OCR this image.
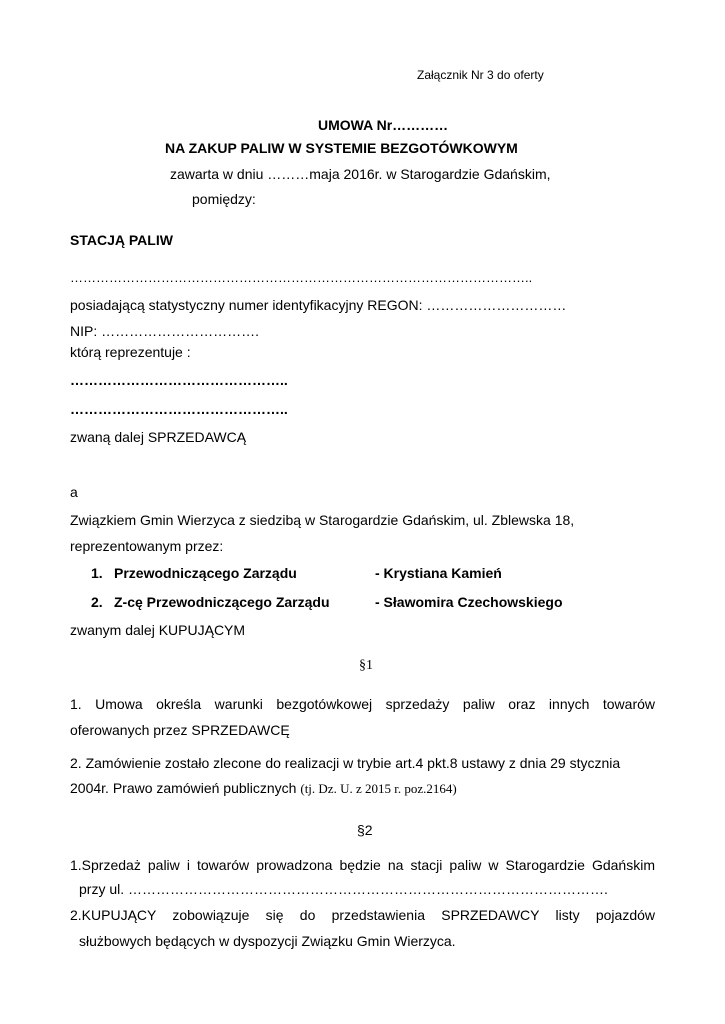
Załącznik Nr 3 do oferty
UMOWA Nr…………
NA ZAKUP PALIW W SYSTEMIE BEZGOTÓWKOWYM
zawarta w dniu ………maja 2016r. w Starogardzie Gdańskim,
pomiędzy:
STACJĄ PALIW
……………………………………………………………………………………………..
posiadającą statystyczny numer identyfikacyjny REGON: …………………………
NIP: …………………………….
którą reprezentuje :
………………………………………..
………………………………………..
zwaną dalej SPRZEDAWCĄ
a
Związkiem Gmin Wierzyca z siedzibą w Starogardzie Gdańskim, ul. Zblewska 18,
reprezentowanym przez:
1. Przewodniczącego Zarządu	- Krystiana Kamień
2. Z-cę Przewodniczącego Zarządu	- Sławomira Czechowskiego
zwanym dalej KUPUJĄCYM
§1
1. Umowa określa warunki bezgotówkowej sprzedaży paliw oraz innych towarów
oferowanych przez SPRZEDAWCĘ
2. Zamówienie zostało zlecone do realizacji w trybie art.4 pkt.8 ustawy z dnia 29 stycznia
2004r. Prawo zamówień publicznych (tj. Dz. U. z 2015 r. poz.2164)
§2
1.Sprzedaż paliw i towarów prowadzona będzie na stacji paliw w Starogardzie Gdańskim
przy ul. ………………………………………………………………………………………….
2.KUPUJĄCY zobowiązuje się do przedstawienia SPRZEDAWCY listy pojazdów
służbowych będących w dyspozycji Związku Gmin Wierzyca.
